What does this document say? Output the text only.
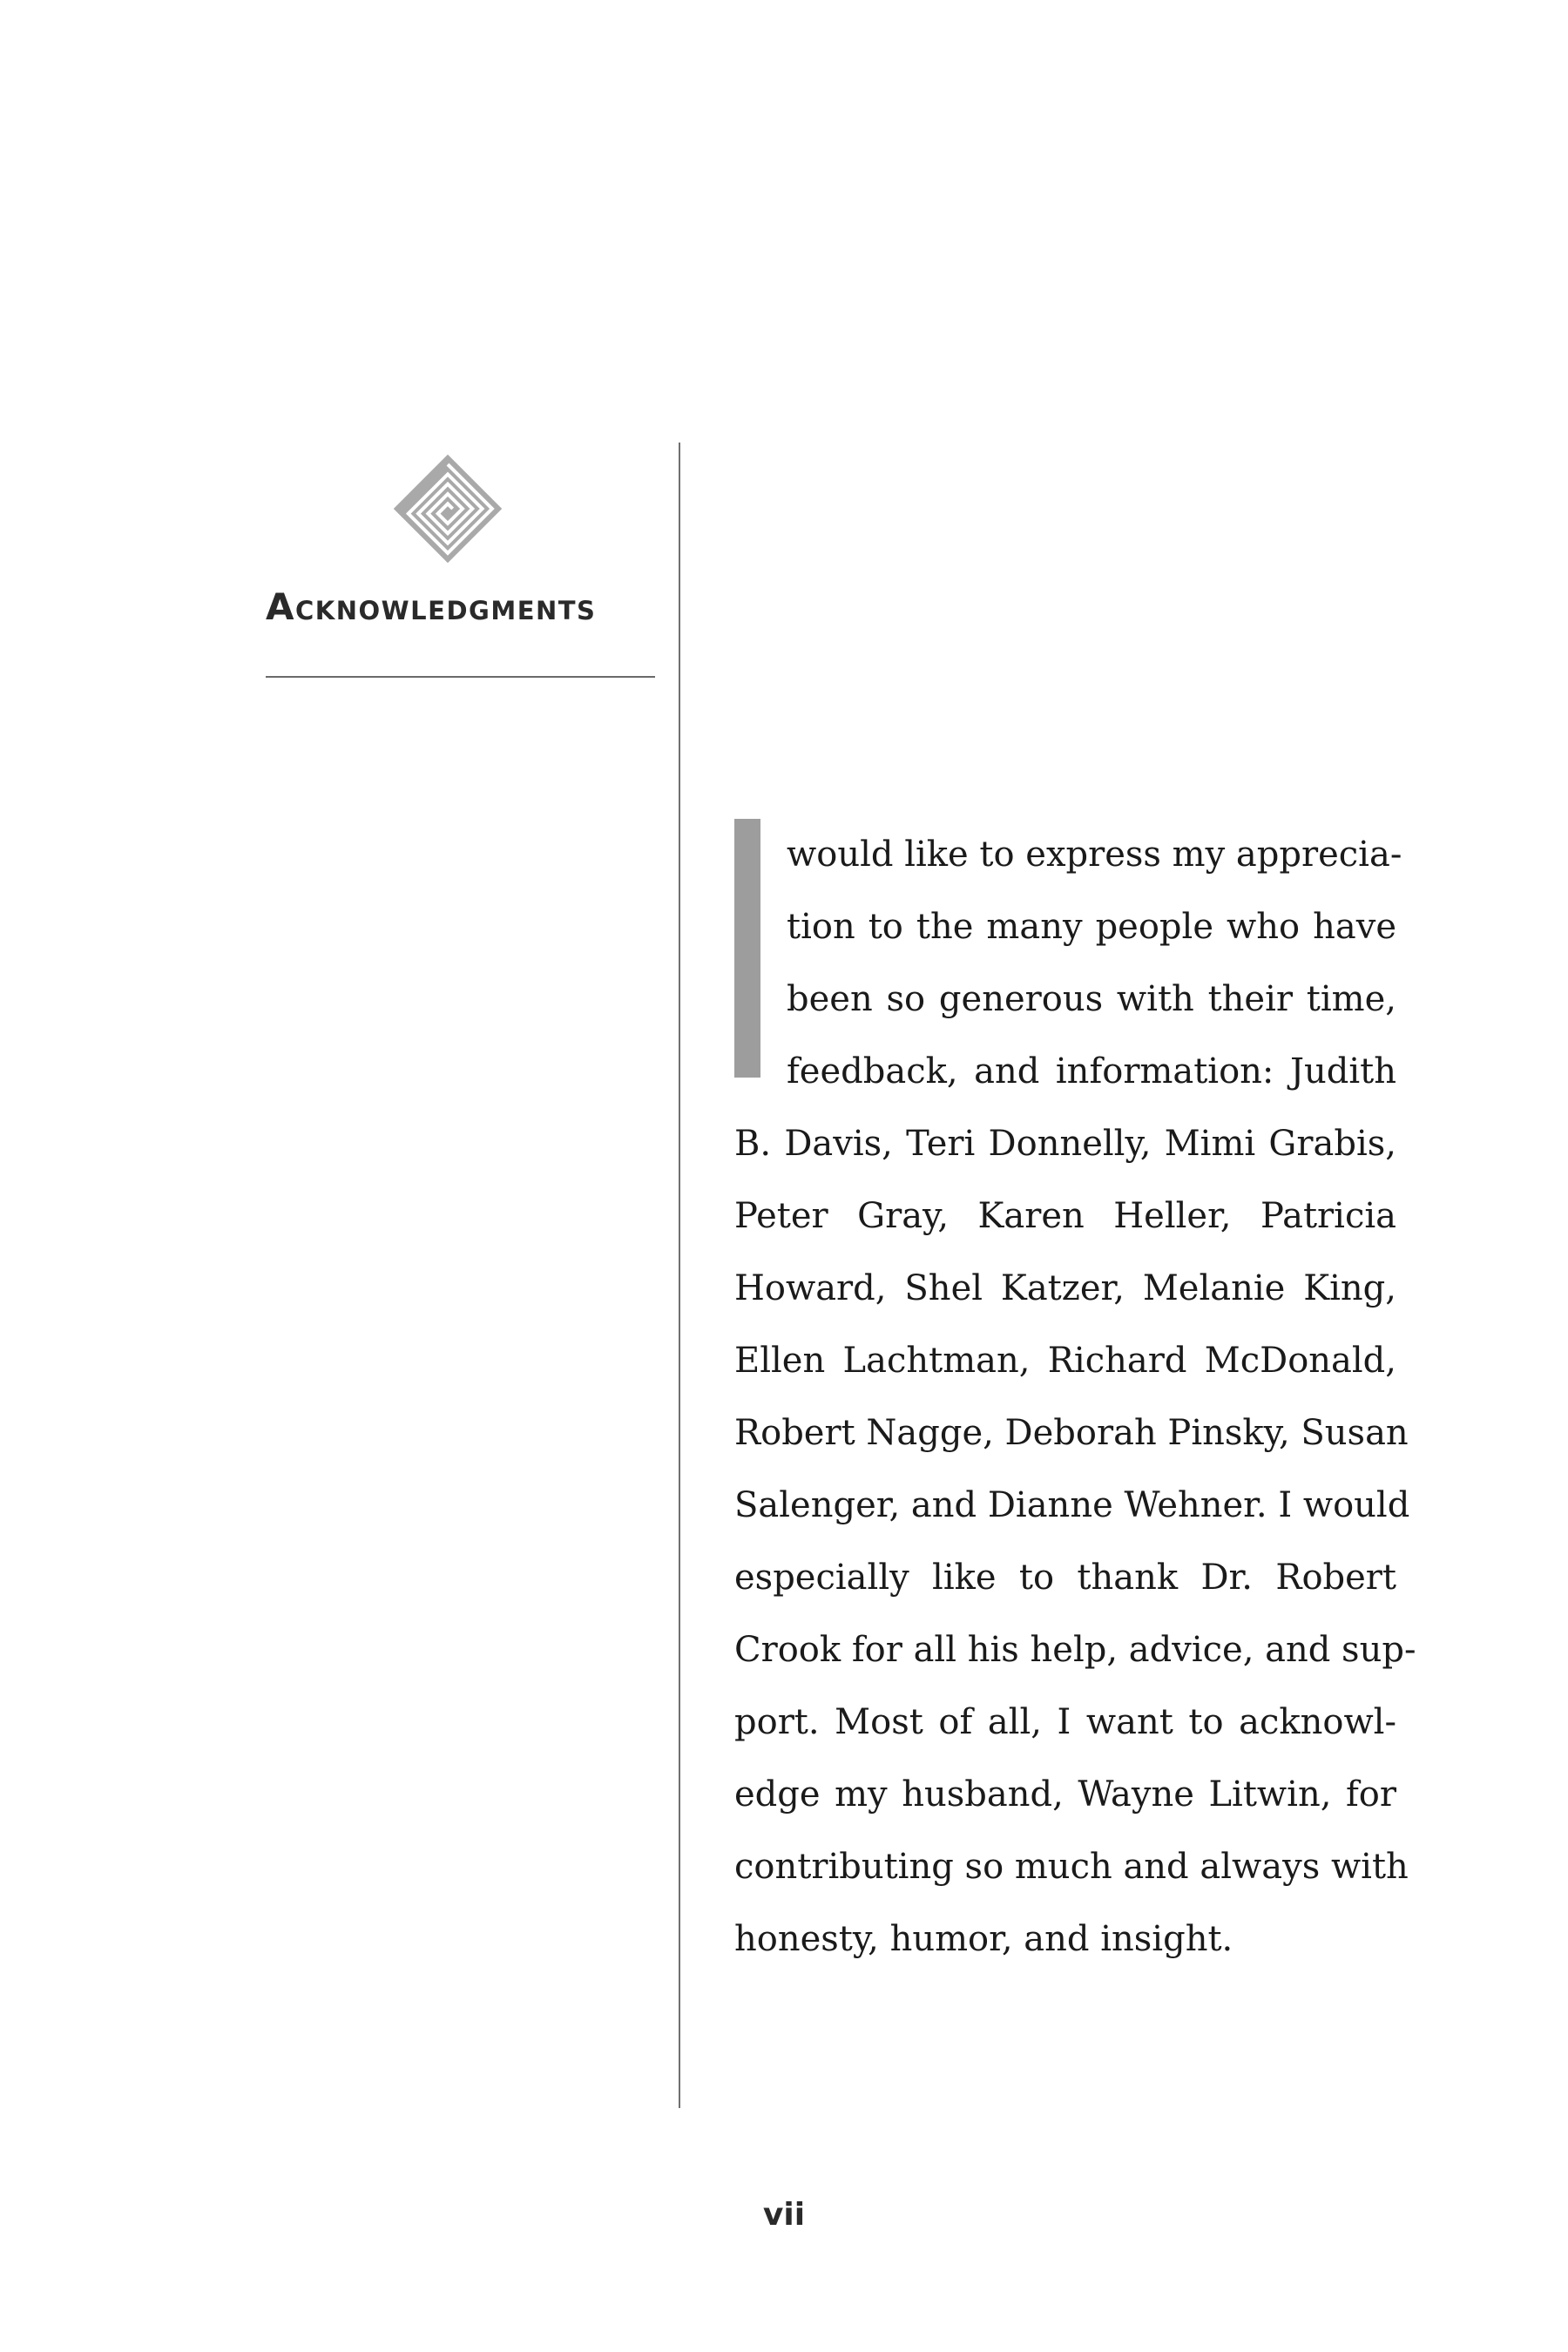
Acknowledgments
would like to express my apprecia-
tion to the many people who have
been so generous with their time,
feedback, and information: Judith
B. Davis, Teri Donnelly, Mimi Grabis,
Peter Gray, Karen Heller, Patricia
Howard, Shel Katzer, Melanie King,
Ellen Lachtman, Richard McDonald,
Robert Nagge, Deborah Pinsky, Susan
Salenger, and Dianne Wehner. I would
especially like to thank Dr. Robert
Crook for all his help, advice, and sup-
port. Most of all, I want to acknowl-
edge my husband, Wayne Litwin, for
contributing so much and always with
honesty, humor, and insight.
vii
